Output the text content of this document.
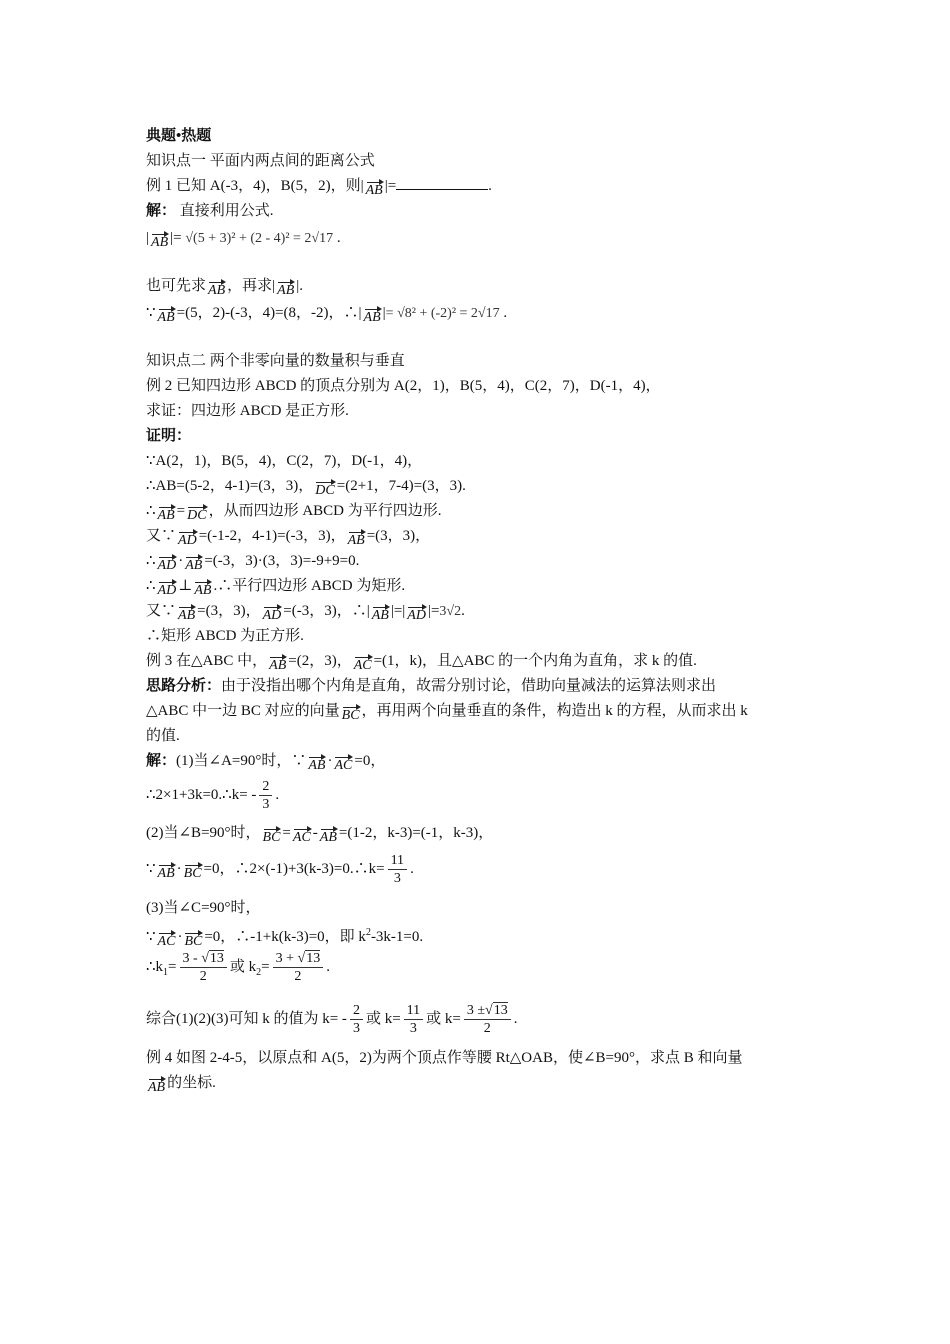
典题•热题
知识点一 平面内两点间的距离公式
例 1 已知 A(-3，4)，B(5，2)，则| AB |=	.
解： 直接利用公式.
| AB |= √(5 + 3)² + (2 - 4)² = 2√17 .
也可先求 AB ，再求| AB |.
∵ AB =(5，2)-(-3，4)=(8，-2)，∴| AB |= √8² + (-2)² = 2√17 .
知识点二 两个非零向量的数量积与垂直
例 2 已知四边形 ABCD 的顶点分别为 A(2，1)，B(5，4)，C(2，7)，D(-1，4)，
求证：四边形 ABCD 是正方形.
证明：
∵A(2，1)，B(5，4)，C(2，7)，D(-1，4)，
∴AB=(5-2，4-1)=(3，3)， DC =(2+1，7-4)=(3，3).
∴ AB = DC ，从而四边形 ABCD 为平行四边形.
又∵ AD =(-1-2，4-1)=(-3，3)， AB =(3，3)，
∴ AD · AB =(-3，3)·(3，3)=-9+9=0.
∴ AD ⊥ AB .∴平行四边形 ABCD 为矩形.
又∵ AB =(3，3)， AD =(-3，3)，∴| AB |=| AD |=3√2.
∴矩形 ABCD 为正方形.
例 3 在△ABC 中， AB =(2，3)， AC =(1，k)，且△ABC 的一个内角为直角，求 k 的值.
思路分析：由于没指出哪个内角是直角，故需分别讨论，借助向量减法的运算法则求出
△ABC 中一边 BC 对应的向量 BC ，再用两个向量垂直的条件，构造出 k 的方程，从而求出 k
的值.
解：(1)当∠A=90°时，∵ AB · AC =0，
∴2×1+3k=0.∴k= - $\frac{2}{3}$ .
(2)当∠B=90°时， BC = AC - AB =(1-2，k-3)=(-1，k-3)，
∵ AB · BC =0，∴2×(-1)+3(k-3)=0.∴k= $\frac{11}{3}$ .
(3)当∠C=90°时，
∵ AC · BC =0，∴-1+k(k-3)=0，即 $k^2-3k-1=0$.
$\therefore k_1= \frac{3 - √13}{2}$ 或 $k_2= \frac{3 + √13}{2}$ .
综合(1)(2)(3)可知 k 的值为 $k= - \frac{2}{3}$ 或 $k= \frac{11}{3}$ 或 $k= \frac{3 \pm√13}{2}$ .
例 4 如图 2-4-5，以原点和 A(5，2)为两个顶点作等腰 Rt△OAB，使∠B=90°，求点 B 和向量
AB 的坐标.
